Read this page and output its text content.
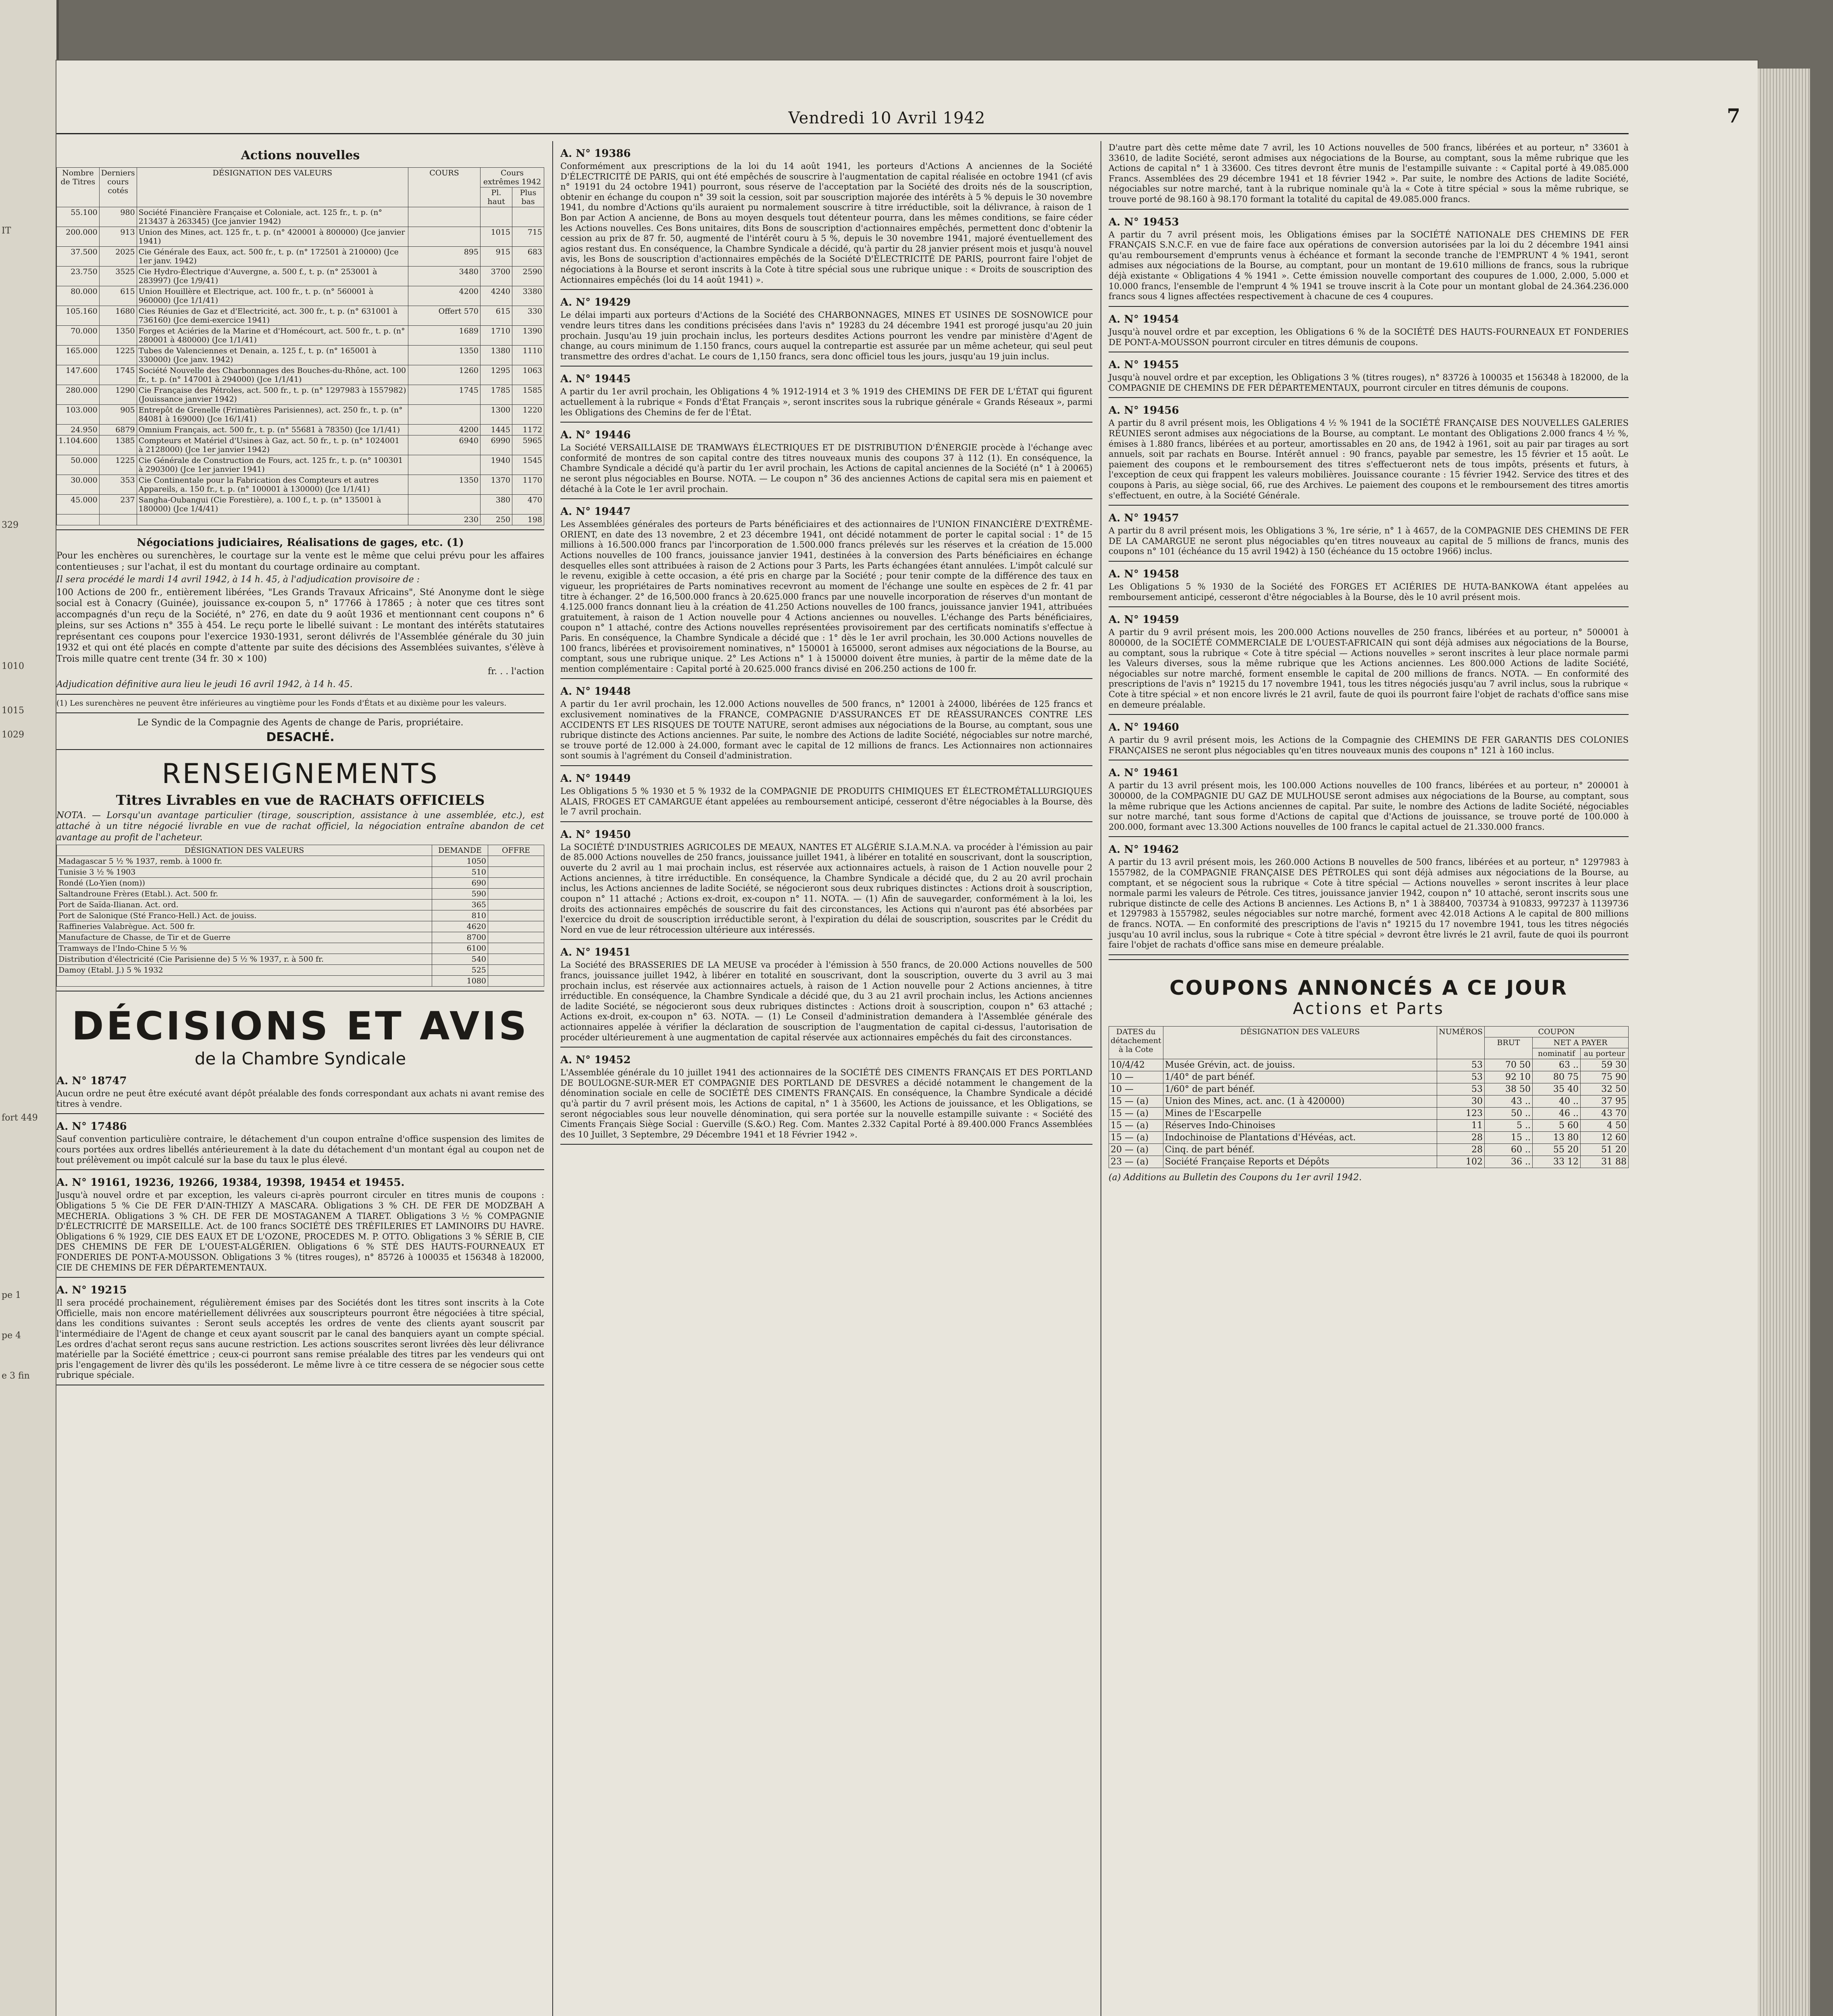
IT
329
1010
1015
1029
fort 449
pe 1
pe 4
e 3 fin
Vendredi 10 Avril 1942	7
Actions nouvelles
Nombre de Titres	Derniers cours cotés	DÉSIGNATION DES VALEURS	COURS	Cours extrêmes 1942	
				Pl. haut	Plus bas
55.100	980	Société Financière Française et Coloniale, act. 125 fr., t. p. (n° 213437 à 263345) (Jce janvier 1942)			
200.000	913	Union des Mines, act. 125 fr., t. p. (n° 420001 à 800000) (Jce janvier 1941)		1015	715
37.500	2025	Cie Générale des Eaux, act. 500 fr., t. p. (n° 172501 à 210000) (Jce 1er janv. 1942)	895	915	683
23.750	3525	Cie Hydro-Électrique d'Auvergne, a. 500 f., t. p. (n° 253001 à 283997) (Jce 1/9/41)	3480	3700	2590
80.000	615	Union Houillère et Electrique, act. 100 fr., t. p. (n° 560001 à 960000) (Jce 1/1/41)	4200	4240	3380
105.160	1680	Cies Réunies de Gaz et d'Electricité, act. 300 fr., t. p. (n° 631001 à 736160) (Jce demi-exercice 1941)	Offert 570	615	330
70.000	1350	Forges et Aciéries de la Marine et d'Homécourt, act. 500 fr., t. p. (n° 280001 à 480000) (Jce 1/1/41)	1689	1710	1390
165.000	1225	Tubes de Valenciennes et Denain, a. 125 f., t. p. (n° 165001 à 330000) (Jce janv. 1942)	1350	1380	1110
147.600	1745	Société Nouvelle des Charbonnages des Bouches-du-Rhône, act. 100 fr., t. p. (n° 147001 à 294000) (Jce 1/1/41)	1260	1295	1063
280.000	1290	Cie Française des Pétroles, act. 500 fr., t. p. (n° 1297983 à 1557982) (Jouissance janvier 1942)	1745	1785	1585
103.000	905	Entrepôt de Grenelle (Frimatières Parisiennes), act. 250 fr., t. p. (n° 84081 à 169000) (Jce 16/1/41)		1300	1220
24.950	6879	Omnium Français, act. 500 fr., t. p. (n° 55681 à 78350) (Jce 1/1/41)	4200	1445	1172
1.104.600	1385	Compteurs et Matériel d'Usines à Gaz, act. 50 fr., t. p. (n° 1024001 à 2128000) (Jce 1er janvier 1942)	6940	6990	5965
50.000	1225	Cie Générale de Construction de Fours, act. 125 fr., t. p. (n° 100301 à 290300) (Jce 1er janvier 1941)		1940	1545
30.000	353	Cie Continentale pour la Fabrication des Compteurs et autres Appareils, a. 150 fr., t. p. (n° 100001 à 130000) (Jce 1/1/41)	1350	1370	1170
45.000	237	Sangha-Oubangui (Cie Forestière), a. 100 f., t. p. (n° 135001 à 180000) (Jce 1/4/41)		380	470
			230	250	198
Négociations judiciaires, Réalisations de gages, etc. (1)

Pour les enchères ou surenchères, le courtage sur la vente est le même que celui prévu pour les affaires contentieuses ; sur l'achat, il est du montant du courtage ordinaire au comptant.

Il sera procédé le mardi 14 avril 1942, à 14 h. 45, à l'adjudication provisoire de :

100 Actions de 200 fr., entièrement libérées, "Les Grands Travaux Africains", Sté Anonyme dont le siège social est à Conacry (Guinée), jouissance ex-coupon 5, n° 17766 à 17865 ; à noter que ces titres sont accompagnés d'un reçu de la Société, n° 276, en date du 9 août 1936 et mentionnant cent coupons n° 6 pleins, sur ses Actions n° 355 à 454. Le reçu porte le libellé suivant : Le montant des intérêts statutaires représentant ces coupons pour l'exercice 1930-1931, seront délivrés de l'Assemblée générale du 30 juin 1932 et qui ont été placés en compte d'attente par suite des décisions des Assemblées suivantes, s'élève à Trois mille quatre cent trente (34 fr. 30 × 100)

fr. . . l'action

Adjudication définitive aura lieu le jeudi 16 avril 1942, à 14 h. 45.

(1) Les surenchères ne peuvent être inférieures au vingtième pour les Fonds d'États et au dixième pour les valeurs.

Le Syndic de la Compagnie des Agents de change de Paris, propriétaire.

DESACHÉ.

RENSEIGNEMENTS
Titres Livrables en vue de RACHATS OFFICIELS

NOTA. — Lorsqu'un avantage particulier (tirage, souscription, assistance à une assemblée, etc.), est attaché à un titre négocié livrable en vue de rachat officiel, la négociation entraîne abandon de cet avantage au profit de l'acheteur.

DÉSIGNATION DES VALEURS	DEMANDE	OFFRE
Madagascar 5 ½ % 1937, remb. à 1000 fr.	1050	
Tunisie 3 ½ % 1903	510	
Rondé (Lo-Yien (nom))	690	
Saltandroune Frères (Etabl.). Act. 500 fr.	590	
Port de Saïda-Ilianan. Act. ord.	365	
Port de Salonique (Sté Franco-Hell.) Act. de jouiss.	810	
Raffineries Valabrègue. Act. 500 fr.	4620	
Manufacture de Chasse, de Tir et de Guerre	8700	
Tramways de l'Indo-Chine 5 ½ %	6100	
Distribution d'électricité (Cie Parisienne de) 5 ½ % 1937, r. à 500 fr.	540	
Damoy (Etabl. J.) 5 % 1932	525	
	1080	
DÉCISIONS ET AVIS
de la Chambre Syndicale
A. N° 18747

Aucun ordre ne peut être exécuté avant dépôt préalable des fonds correspondant aux achats ni avant remise des titres à vendre.

A. N° 17486

Sauf convention particulière contraire, le détachement d'un coupon entraîne d'office suspension des limites de cours portées aux ordres libellés antérieurement à la date du détachement d'un montant égal au coupon net de tout prélèvement ou impôt calculé sur la base du taux le plus élevé.

A. N° 19161, 19236, 19266, 19384, 19398, 19454 et 19455.

Jusqu'à nouvel ordre et par exception, les valeurs ci-après pourront circuler en titres munis de coupons : Obligations 5 % Cie DE FER D'AIN-THIZY A MASCARA. Obligations 3 % CH. DE FER DE MODZBAH A MECHERIA. Obligations 3 % CH. DE FER DE MOSTAGANEM A TIARET. Obligations 3 ½ % COMPAGNIE D'ÉLECTRICITÉ DE MARSEILLE. Act. de 100 francs SOCIÉTÉ DES TRÉFILERIES ET LAMINOIRS DU HAVRE. Obligations 6 % 1929, CIE DES EAUX ET DE L'OZONE, PROCEDES M. P. OTTO. Obligations 3 % SÉRIE B, CIE DES CHEMINS DE FER DE L'OUEST-ALGÉRIEN. Obligations 6 % STÉ DES HAUTS-FOURNEAUX ET FONDERIES DE PONT-A-MOUSSON. Obligations 3 % (titres rouges), n° 85726 à 100035 et 156348 à 182000, CIE DE CHEMINS DE FER DÉPARTEMENTAUX.

A. N° 19215

Il sera procédé prochainement, régulièrement émises par des Sociétés dont les titres sont inscrits à la Cote Officielle, mais non encore matériellement délivrées aux souscripteurs pourront être négociées à titre spécial, dans les conditions suivantes : Seront seuls acceptés les ordres de vente des clients ayant souscrit par l'intermédiaire de l'Agent de change et ceux ayant souscrit par le canal des banquiers ayant un compte spécial. Les ordres d'achat seront reçus sans aucune restriction. Les actions souscrites seront livrées dès leur délivrance matérielle par la Société émettrice ; ceux-ci pourront sans remise préalable des titres par les vendeurs qui ont pris l'engagement de livrer dès qu'ils les posséderont. Le même livre à ce titre cessera de se négocier sous cette rubrique spéciale.

A. N° 19386

Conformément aux prescriptions de la loi du 14 août 1941, les porteurs d'Actions A anciennes de la Société D'ÉLECTRICITÉ DE PARIS, qui ont été empêchés de souscrire à l'augmentation de capital réalisée en octobre 1941 (cf avis n° 19191 du 24 octobre 1941) pourront, sous réserve de l'acceptation par la Société des droits nés de la souscription, obtenir en échange du coupon n° 39 soit la cession, soit par souscription majorée des intérêts à 5 % depuis le 30 novembre 1941, du nombre d'Actions qu'ils auraient pu normalement souscrire à titre irréductible, soit la délivrance, à raison de 1 Bon par Action A ancienne, de Bons au moyen desquels tout détenteur pourra, dans les mêmes conditions, se faire céder les Actions nouvelles. Ces Bons unitaires, dits Bons de souscription d'actionnaires empêchés, permettent donc d'obtenir la cession au prix de 87 fr. 50, augmenté de l'intérêt couru à 5 %, depuis le 30 novembre 1941, majoré éventuellement des agios restant dus. En conséquence, la Chambre Syndicale a décidé, qu'à partir du 28 janvier présent mois et jusqu'à nouvel avis, les Bons de souscription d'actionnaires empêchés de la Société D'ÉLECTRICITÉ DE PARIS, pourront faire l'objet de négociations à la Bourse et seront inscrits à la Cote à titre spécial sous une rubrique unique : « Droits de souscription des Actionnaires empêchés (loi du 14 août 1941) ».

A. N° 19429

Le délai imparti aux porteurs d'Actions de la Société des CHARBONNAGES, MINES ET USINES DE SOSNOWICE pour vendre leurs titres dans les conditions précisées dans l'avis n° 19283 du 24 décembre 1941 est prorogé jusqu'au 20 juin prochain. Jusqu'au 19 juin prochain inclus, les porteurs desdites Actions pourront les vendre par ministère d'Agent de change, au cours minimum de 1.150 francs, cours auquel la contrepartie est assurée par un même acheteur, qui seul peut transmettre des ordres d'achat. Le cours de 1,150 francs, sera donc officiel tous les jours, jusqu'au 19 juin inclus.

A. N° 19445

A partir du 1er avril prochain, les Obligations 4 % 1912-1914 et 3 % 1919 des CHEMINS DE FER DE L'ÉTAT qui figurent actuellement à la rubrique « Fonds d'État Français », seront inscrites sous la rubrique générale « Grands Réseaux », parmi les Obligations des Chemins de fer de l'État.

A. N° 19446

La Société VERSAILLAISE DE TRAMWAYS ÉLECTRIQUES ET DE DISTRIBUTION D'ÉNERGIE procède à l'échange avec conformité de montres de son capital contre des titres nouveaux munis des coupons 37 à 112 (1). En conséquence, la Chambre Syndicale a décidé qu'à partir du 1er avril prochain, les Actions de capital anciennes de la Société (n° 1 à 20065) ne seront plus négociables en Bourse. NOTA. — Le coupon n° 36 des anciennes Actions de capital sera mis en paiement et détaché à la Cote le 1er avril prochain.

A. N° 19447

Les Assemblées générales des porteurs de Parts bénéficiaires et des actionnaires de l'UNION FINANCIÈRE D'EXTRÊME-ORIENT, en date des 13 novembre, 2 et 23 décembre 1941, ont décidé notamment de porter le capital social : 1° de 15 millions à 16.500.000 francs par l'incorporation de 1.500.000 francs prélevés sur les réserves et la création de 15.000 Actions nouvelles de 100 francs, jouissance janvier 1941, destinées à la conversion des Parts bénéficiaires en échange desquelles elles sont attribuées à raison de 2 Actions pour 3 Parts, les Parts échangées étant annulées. L'impôt calculé sur le revenu, exigible à cette occasion, a été pris en charge par la Société ; pour tenir compte de la différence des taux en vigueur, les propriétaires de Parts nominatives recevront au moment de l'échange une soulte en espèces de 2 fr. 41 par titre à échanger. 2° de 16,500.000 francs à 20.625.000 francs par une nouvelle incorporation de réserves d'un montant de 4.125.000 francs donnant lieu à la création de 41.250 Actions nouvelles de 100 francs, jouissance janvier 1941, attribuées gratuitement, à raison de 1 Action nouvelle pour 4 Actions anciennes ou nouvelles. L'échange des Parts bénéficiaires, coupon n° 1 attaché, contre des Actions nouvelles représentées provisoirement par des certificats nominatifs s'effectue à Paris. En conséquence, la Chambre Syndicale a décidé que : 1° dès le 1er avril prochain, les 30.000 Actions nouvelles de 100 francs, libérées et provisoirement nominatives, n° 150001 à 165000, seront admises aux négociations de la Bourse, au comptant, sous une rubrique unique. 2° Les Actions n° 1 à 150000 doivent être munies, à partir de la même date de la mention complémentaire : Capital porté à 20.625.000 francs divisé en 206.250 actions de 100 fr.

A. N° 19448

A partir du 1er avril prochain, les 12.000 Actions nouvelles de 500 francs, n° 12001 à 24000, libérées de 125 francs et exclusivement nominatives de la FRANCE, COMPAGNIE D'ASSURANCES ET DE RÉASSURANCES CONTRE LES ACCIDENTS ET LES RISQUES DE TOUTE NATURE, seront admises aux négociations de la Bourse, au comptant, sous une rubrique distincte des Actions anciennes. Par suite, le nombre des Actions de ladite Société, négociables sur notre marché, se trouve porté de 12.000 à 24.000, formant avec le capital de 12 millions de francs. Les Actionnaires non actionnaires sont soumis à l'agrément du Conseil d'administration.

A. N° 19449

Les Obligations 5 % 1930 et 5 % 1932 de la COMPAGNIE DE PRODUITS CHIMIQUES ET ÉLECTROMÉTALLURGIQUES ALAIS, FROGES ET CAMARGUE étant appelées au remboursement anticipé, cesseront d'être négociables à la Bourse, dès le 7 avril prochain.

A. N° 19450

La SOCIÉTÉ D'INDUSTRIES AGRICOLES DE MEAUX, NANTES ET ALGÉRIE S.I.A.M.N.A. va procéder à l'émission au pair de 85.000 Actions nouvelles de 250 francs, jouissance juillet 1941, à libérer en totalité en souscrivant, dont la souscription, ouverte du 2 avril au 1 mai prochain inclus, est réservée aux actionnaires actuels, à raison de 1 Action nouvelle pour 2 Actions anciennes, à titre irréductible. En conséquence, la Chambre Syndicale a décidé que, du 2 au 20 avril prochain inclus, les Actions anciennes de ladite Société, se négocieront sous deux rubriques distinctes : Actions droit à souscription, coupon n° 11 attaché ; Actions ex-droit, ex-coupon n° 11. NOTA. — (1) Afin de sauvegarder, conformément à la loi, les droits des actionnaires empêchés de souscrire du fait des circonstances, les Actions qui n'auront pas été absorbées par l'exercice du droit de souscription irréductible seront, à l'expiration du délai de souscription, souscrites par le Crédit du Nord en vue de leur rétrocession ultérieure aux intéressés.

A. N° 19451

La Société des BRASSERIES DE LA MEUSE va procéder à l'émission à 550 francs, de 20.000 Actions nouvelles de 500 francs, jouissance juillet 1942, à libérer en totalité en souscrivant, dont la souscription, ouverte du 3 avril au 3 mai prochain inclus, est réservée aux actionnaires actuels, à raison de 1 Action nouvelle pour 2 Actions anciennes, à titre irréductible. En conséquence, la Chambre Syndicale a décidé que, du 3 au 21 avril prochain inclus, les Actions anciennes de ladite Société, se négocieront sous deux rubriques distinctes : Actions droit à souscription, coupon n° 63 attaché ; Actions ex-droit, ex-coupon n° 63. NOTA. — (1) Le Conseil d'administration demandera à l'Assemblée générale des actionnaires appelée à vérifier la déclaration de souscription de l'augmentation de capital ci-dessus, l'autorisation de procéder ultérieurement à une augmentation de capital réservée aux actionnaires empêchés du fait des circonstances.

A. N° 19452

L'Assemblée générale du 10 juillet 1941 des actionnaires de la SOCIÉTÉ DES CIMENTS FRANÇAIS ET DES PORTLAND DE BOULOGNE-SUR-MER ET COMPAGNIE DES PORTLAND DE DESVRES a décidé notamment le changement de la dénomination sociale en celle de SOCIÉTÉ DES CIMENTS FRANÇAIS. En conséquence, la Chambre Syndicale a décidé qu'à partir du 7 avril présent mois, les Actions de capital, n° 1 à 35600, les Actions de jouissance, et les Obligations, se seront négociables sous leur nouvelle dénomination, qui sera portée sur la nouvelle estampille suivante : « Société des Ciments Français Siège Social : Guerville (S.&O.) Reg. Com. Mantes 2.332 Capital Porté à 89.400.000 Francs Assemblées des 10 Juillet, 3 Septembre, 29 Décembre 1941 et 18 Février 1942 ».

D'autre part dès cette même date 7 avril, les 10 Actions nouvelles de 500 francs, libérées et au porteur, n° 33601 à 33610, de ladite Société, seront admises aux négociations de la Bourse, au comptant, sous la même rubrique que les Actions de capital n° 1 à 33600. Ces titres devront être munis de l'estampille suivante : « Capital porté à 49.085.000 Francs. Assemblées des 29 décembre 1941 et 18 février 1942 ». Par suite, le nombre des Actions de ladite Société, négociables sur notre marché, tant à la rubrique nominale qu'à la « Cote à titre spécial » sous la même rubrique, se trouve porté de 98.160 à 98.170 formant la totalité du capital de 49.085.000 francs.

A. N° 19453

A partir du 7 avril présent mois, les Obligations émises par la SOCIÉTÉ NATIONALE DES CHEMINS DE FER FRANÇAIS S.N.C.F. en vue de faire face aux opérations de conversion autorisées par la loi du 2 décembre 1941 ainsi qu'au remboursement d'emprunts venus à échéance et formant la seconde tranche de l'EMPRUNT 4 % 1941, seront admises aux négociations de la Bourse, au comptant, pour un montant de 19.610 millions de francs, sous la rubrique déjà existante « Obligations 4 % 1941 ». Cette émission nouvelle comportant des coupures de 1.000, 2.000, 5.000 et 10.000 francs, l'ensemble de l'emprunt 4 % 1941 se trouve inscrit à la Cote pour un montant global de 24.364.236.000 francs sous 4 lignes affectées respectivement à chacune de ces 4 coupures.

A. N° 19454

Jusqu'à nouvel ordre et par exception, les Obligations 6 % de la SOCIÉTÉ DES HAUTS-FOURNEAUX ET FONDERIES DE PONT-A-MOUSSON pourront circuler en titres démunis de coupons.

A. N° 19455

Jusqu'à nouvel ordre et par exception, les Obligations 3 % (titres rouges), n° 83726 à 100035 et 156348 à 182000, de la COMPAGNIE DE CHEMINS DE FER DÉPARTEMENTAUX, pourront circuler en titres démunis de coupons.

A. N° 19456

A partir du 8 avril présent mois, les Obligations 4 ½ % 1941 de la SOCIÉTÉ FRANÇAISE DES NOUVELLES GALERIES RÉUNIES seront admises aux négociations de la Bourse, au comptant. Le montant des Obligations 2.000 francs 4 ½ %, émises à 1.880 francs, libérées et au porteur, amortissables en 20 ans, de 1942 à 1961, soit au pair par tirages au sort annuels, soit par rachats en Bourse. Intérêt annuel : 90 francs, payable par semestre, les 15 février et 15 août. Le paiement des coupons et le remboursement des titres s'effectueront nets de tous impôts, présents et futurs, à l'exception de ceux qui frappent les valeurs mobilières. Jouissance courante : 15 février 1942. Service des titres et des coupons à Paris, au siège social, 66, rue des Archives. Le paiement des coupons et le remboursement des titres amortis s'effectuent, en outre, à la Société Générale.

A. N° 19457

A partir du 8 avril présent mois, les Obligations 3 %, 1re série, n° 1 à 4657, de la COMPAGNIE DES CHEMINS DE FER DE LA CAMARGUE ne seront plus négociables qu'en titres nouveaux au capital de 5 millions de francs, munis des coupons n° 101 (échéance du 15 avril 1942) à 150 (échéance du 15 octobre 1966) inclus.

A. N° 19458

Les Obligations 5 % 1930 de la Société des FORGES ET ACIÉRIES DE HUTA-BANKOWA étant appelées au remboursement anticipé, cesseront d'être négociables à la Bourse, dès le 10 avril présent mois.

A. N° 19459

A partir du 9 avril présent mois, les 200.000 Actions nouvelles de 250 francs, libérées et au porteur, n° 500001 à 800000, de la SOCIÉTÉ COMMERCIALE DE L'OUEST-AFRICAIN qui sont déjà admises aux négociations de la Bourse, au comptant, sous la rubrique « Cote à titre spécial — Actions nouvelles » seront inscrites à leur place normale parmi les Valeurs diverses, sous la même rubrique que les Actions anciennes. Les 800.000 Actions de ladite Société, négociables sur notre marché, forment ensemble le capital de 200 millions de francs. NOTA. — En conformité des prescriptions de l'avis n° 19215 du 17 novembre 1941, tous les titres négociés jusqu'au 7 avril inclus, sous la rubrique « Cote à titre spécial » et non encore livrés le 21 avril, faute de quoi ils pourront faire l'objet de rachats d'office sans mise en demeure préalable.

A. N° 19460

A partir du 9 avril présent mois, les Actions de la Compagnie des CHEMINS DE FER GARANTIS DES COLONIES FRANÇAISES ne seront plus négociables qu'en titres nouveaux munis des coupons n° 121 à 160 inclus.

A. N° 19461

A partir du 13 avril présent mois, les 100.000 Actions nouvelles de 100 francs, libérées et au porteur, n° 200001 à 300000, de la COMPAGNIE DU GAZ DE MULHOUSE seront admises aux négociations de la Bourse, au comptant, sous la même rubrique que les Actions anciennes de capital. Par suite, le nombre des Actions de ladite Société, négociables sur notre marché, tant sous forme d'Actions de capital que d'Actions de jouissance, se trouve porté de 100.000 à 200.000, formant avec 13.300 Actions nouvelles de 100 francs le capital actuel de 21.330.000 francs.

A. N° 19462

A partir du 13 avril présent mois, les 260.000 Actions B nouvelles de 500 francs, libérées et au porteur, n° 1297983 à 1557982, de la COMPAGNIE FRANÇAISE DES PÉTROLES qui sont déjà admises aux négociations de la Bourse, au comptant, et se négocient sous la rubrique « Cote à titre spécial — Actions nouvelles » seront inscrites à leur place normale parmi les valeurs de Pétrole. Ces titres, jouissance janvier 1942, coupon n° 10 attaché, seront inscrits sous une rubrique distincte de celle des Actions B anciennes. Les Actions B, n° 1 à 388400, 703734 à 910833, 997237 à 1139736 et 1297983 à 1557982, seules négociables sur notre marché, forment avec 42.018 Actions A le capital de 800 millions de francs. NOTA. — En conformité des prescriptions de l'avis n° 19215 du 17 novembre 1941, tous les titres négociés jusqu'au 10 avril inclus, sous la rubrique « Cote à titre spécial » devront être livrés le 21 avril, faute de quoi ils pourront faire l'objet de rachats d'office sans mise en demeure préalable.

COUPONS ANNONCÉS A CE JOUR
Actions et Parts
DATES du détachement à la Cote	DÉSIGNATION DES VALEURS	NUMÉROS	COUPON		
			BRUT	NET A PAYER	
				nominatif	au porteur
10/4/42	Musée Grévin, act. de jouiss.	53	70 50	63 ..	59 30
10 —	1/40° de part bénéf.	53	92 10	80 75	75 90
10 —	1/60° de part bénéf.	53	38 50	35 40	32 50
15 — (a)	Union des Mines, act. anc. (1 à 420000)	30	43 ..	40 ..	37 95
15 — (a)	Mines de l'Escarpelle	123	50 ..	46 ..	43 70
15 — (a)	Réserves Indo-Chinoises	11	5 ..	5 60	4 50
15 — (a)	Indochinoise de Plantations d'Hévéas, act.	28	15 ..	13 80	12 60
20 — (a)	Cinq. de part bénéf.	28	60 ..	55 20	51 20
23 — (a)	Société Française Reports et Dépôts	102	36 ..	33 12	31 88

(a) Additions au Bulletin des Coupons du 1er avril 1942.
